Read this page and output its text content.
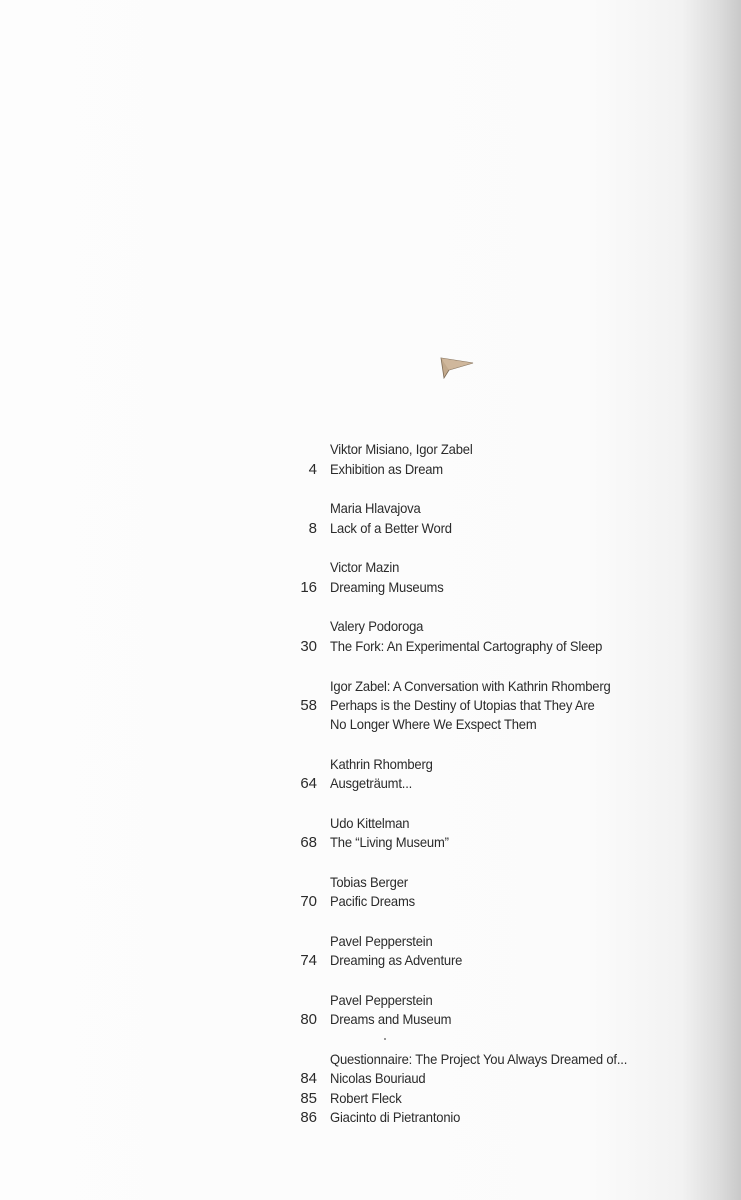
Viktor Misiano, Igor Zabel
4 Exhibition as Dream
Maria Hlavajova
8 Lack of a Better Word
Victor Mazin
16 Dreaming Museums
Valery Podoroga
30 The Fork: An Experimental Cartography of Sleep
Igor Zabel: A Conversation with Kathrin Rhomberg
58 Perhaps is the Destiny of Utopias that They Are
No Longer Where We Exspect Them
Kathrin Rhomberg
64 Ausgeträumt...
Udo Kittelman
68 The “Living Museum”
Tobias Berger
70 Pacific Dreams
Pavel Pepperstein
74 Dreaming as Adventure
Pavel Pepperstein
80 Dreams and Museum
Questionnaire: The Project You Always Dreamed of...
84 Nicolas Bouriaud
85 Robert Fleck
86 Giacinto di Pietrantonio
